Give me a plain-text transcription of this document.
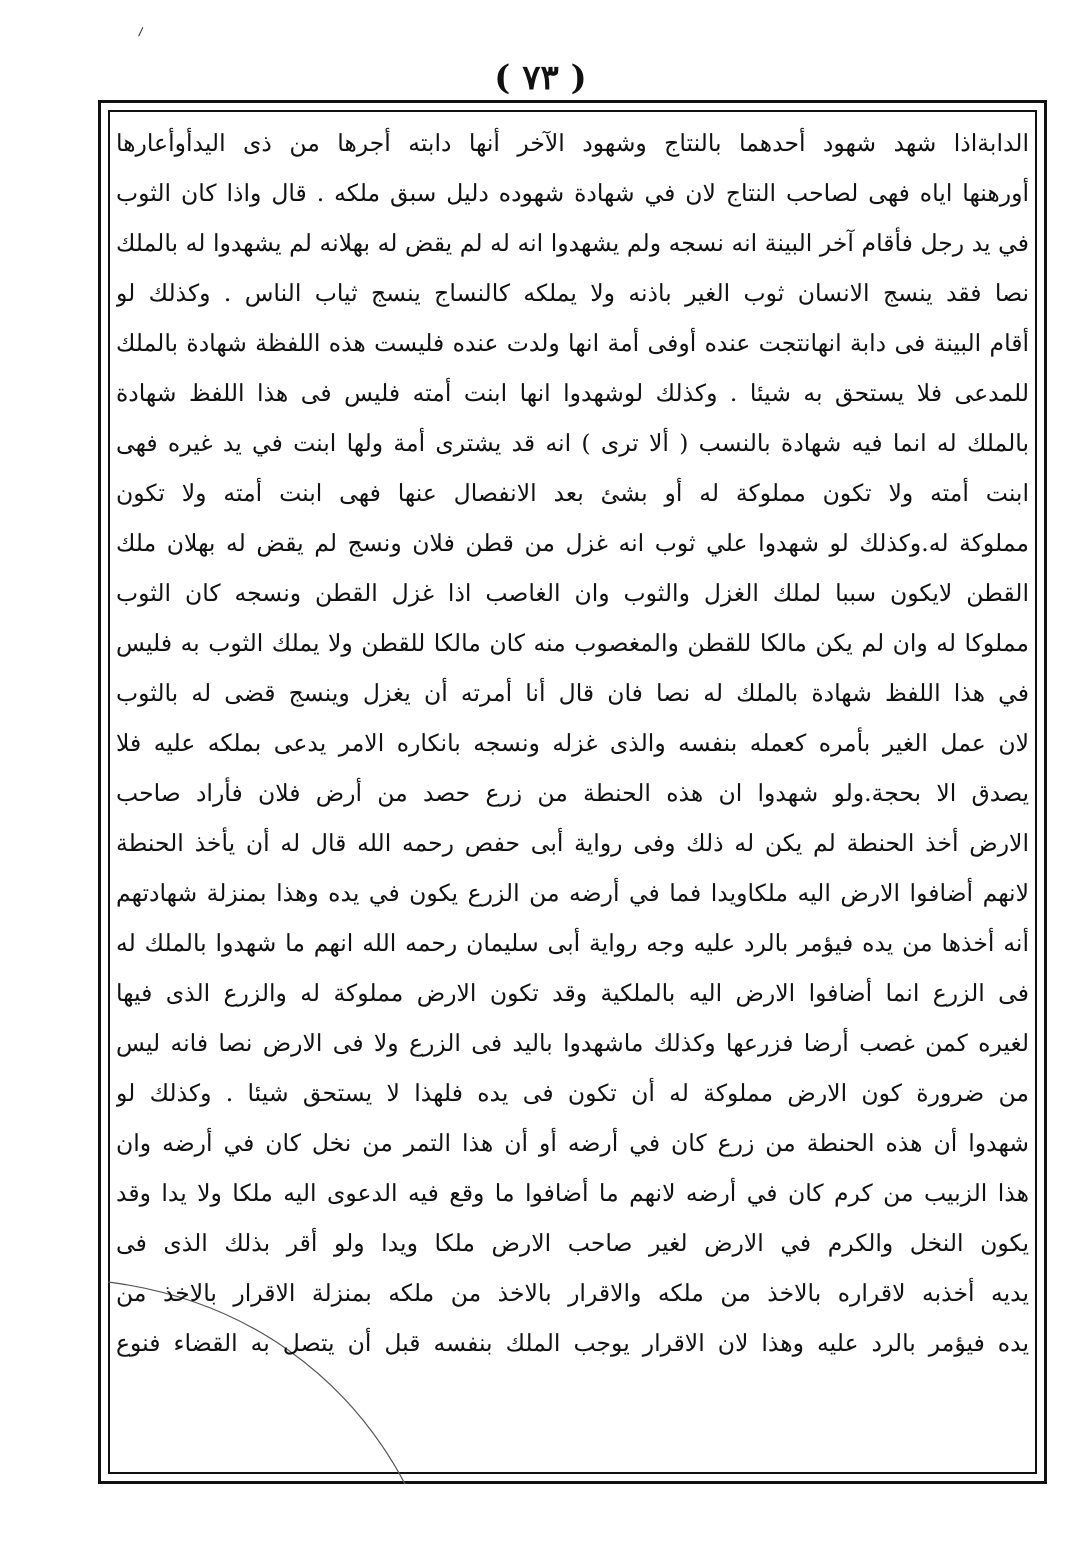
( ٧٣ )
الدابةاذا شهد شهود أحدهما بالنتاج وشهود الآخر أنها دابته أجرها من ذى اليدأوأعارها
أورهنها اياه فهى لصاحب النتاج لان في شهادة شهوده دليل سبق ملكه . قال واذا كان الثوب
في يد رجل فأقام آخر البينة انه نسجه ولم يشهدوا انه له لم يقض له بهلانه لم يشهدوا له بالملك
نصا فقد ينسج الانسان ثوب الغير باذنه ولا يملكه كالنساج ينسج ثياب الناس . وكذلك لو
أقام البينة فى دابة انهانتجت عنده أوفى أمة انها ولدت عنده فليست هذه اللفظة شهادة بالملك
للمدعى فلا يستحق به شيئا . وكذلك لوشهدوا انها ابنت أمته فليس فى هذا اللفظ شهادة
بالملك له انما فيه شهادة بالنسب ( ألا ترى ) انه قد يشترى أمة ولها ابنت في يد غيره فهى
ابنت أمته ولا تكون مملوكة له أو بشئ بعد الانفصال عنها فهى ابنت أمته ولا تكون
مملوكة له.وكذلك لو شهدوا علي ثوب انه غزل من قطن فلان ونسج لم يقض له بهلان ملك
القطن لايكون سببا لملك الغزل والثوب وان الغاصب اذا غزل القطن ونسجه كان الثوب
مملوكا له وان لم يكن مالكا للقطن والمغصوب منه كان مالكا للقطن ولا يملك الثوب به فليس
في هذا اللفظ شهادة بالملك له نصا فان قال أنا أمرته أن يغزل وينسج قضى له بالثوب
لان عمل الغير بأمره كعمله بنفسه والذى غزله ونسجه بانكاره الامر يدعى بملكه عليه فلا
يصدق الا بحجة.ولو شهدوا ان هذه الحنطة من زرع حصد من أرض فلان فأراد صاحب
الارض أخذ الحنطة لم يكن له ذلك وفى رواية أبى حفص رحمه الله قال له أن يأخذ الحنطة
لانهم أضافوا الارض اليه ملكاويدا فما في أرضه من الزرع يكون في يده وهذا بمنزلة شهادتهم
أنه أخذها من يده فيؤمر بالرد عليه وجه رواية أبى سليمان رحمه الله انهم ما شهدوا بالملك له
فى الزرع انما أضافوا الارض اليه بالملكية وقد تكون الارض مملوكة له والزرع الذى فيها
لغيره كمن غصب أرضا فزرعها وكذلك ماشهدوا باليد فى الزرع ولا فى الارض نصا فانه ليس
من ضرورة كون الارض مملوكة له أن تكون فى يده فلهذا لا يستحق شيئا . وكذلك لو
شهدوا أن هذه الحنطة من زرع كان في أرضه أو أن هذا التمر من نخل كان في أرضه وان
هذا الزبيب من كرم كان في أرضه لانهم ما أضافوا ما وقع فيه الدعوى اليه ملكا ولا يدا وقد
يكون النخل والكرم في الارض لغير صاحب الارض ملكا ويدا ولو أقر بذلك الذى فى
يديه أخذبه لاقراره بالاخذ من ملكه والاقرار بالاخذ من ملكه بمنزلة الاقرار بالاخذ من
يده فيؤمر بالرد عليه وهذا لان الاقرار يوجب الملك بنفسه قبل أن يتصل به القضاء فنوع
